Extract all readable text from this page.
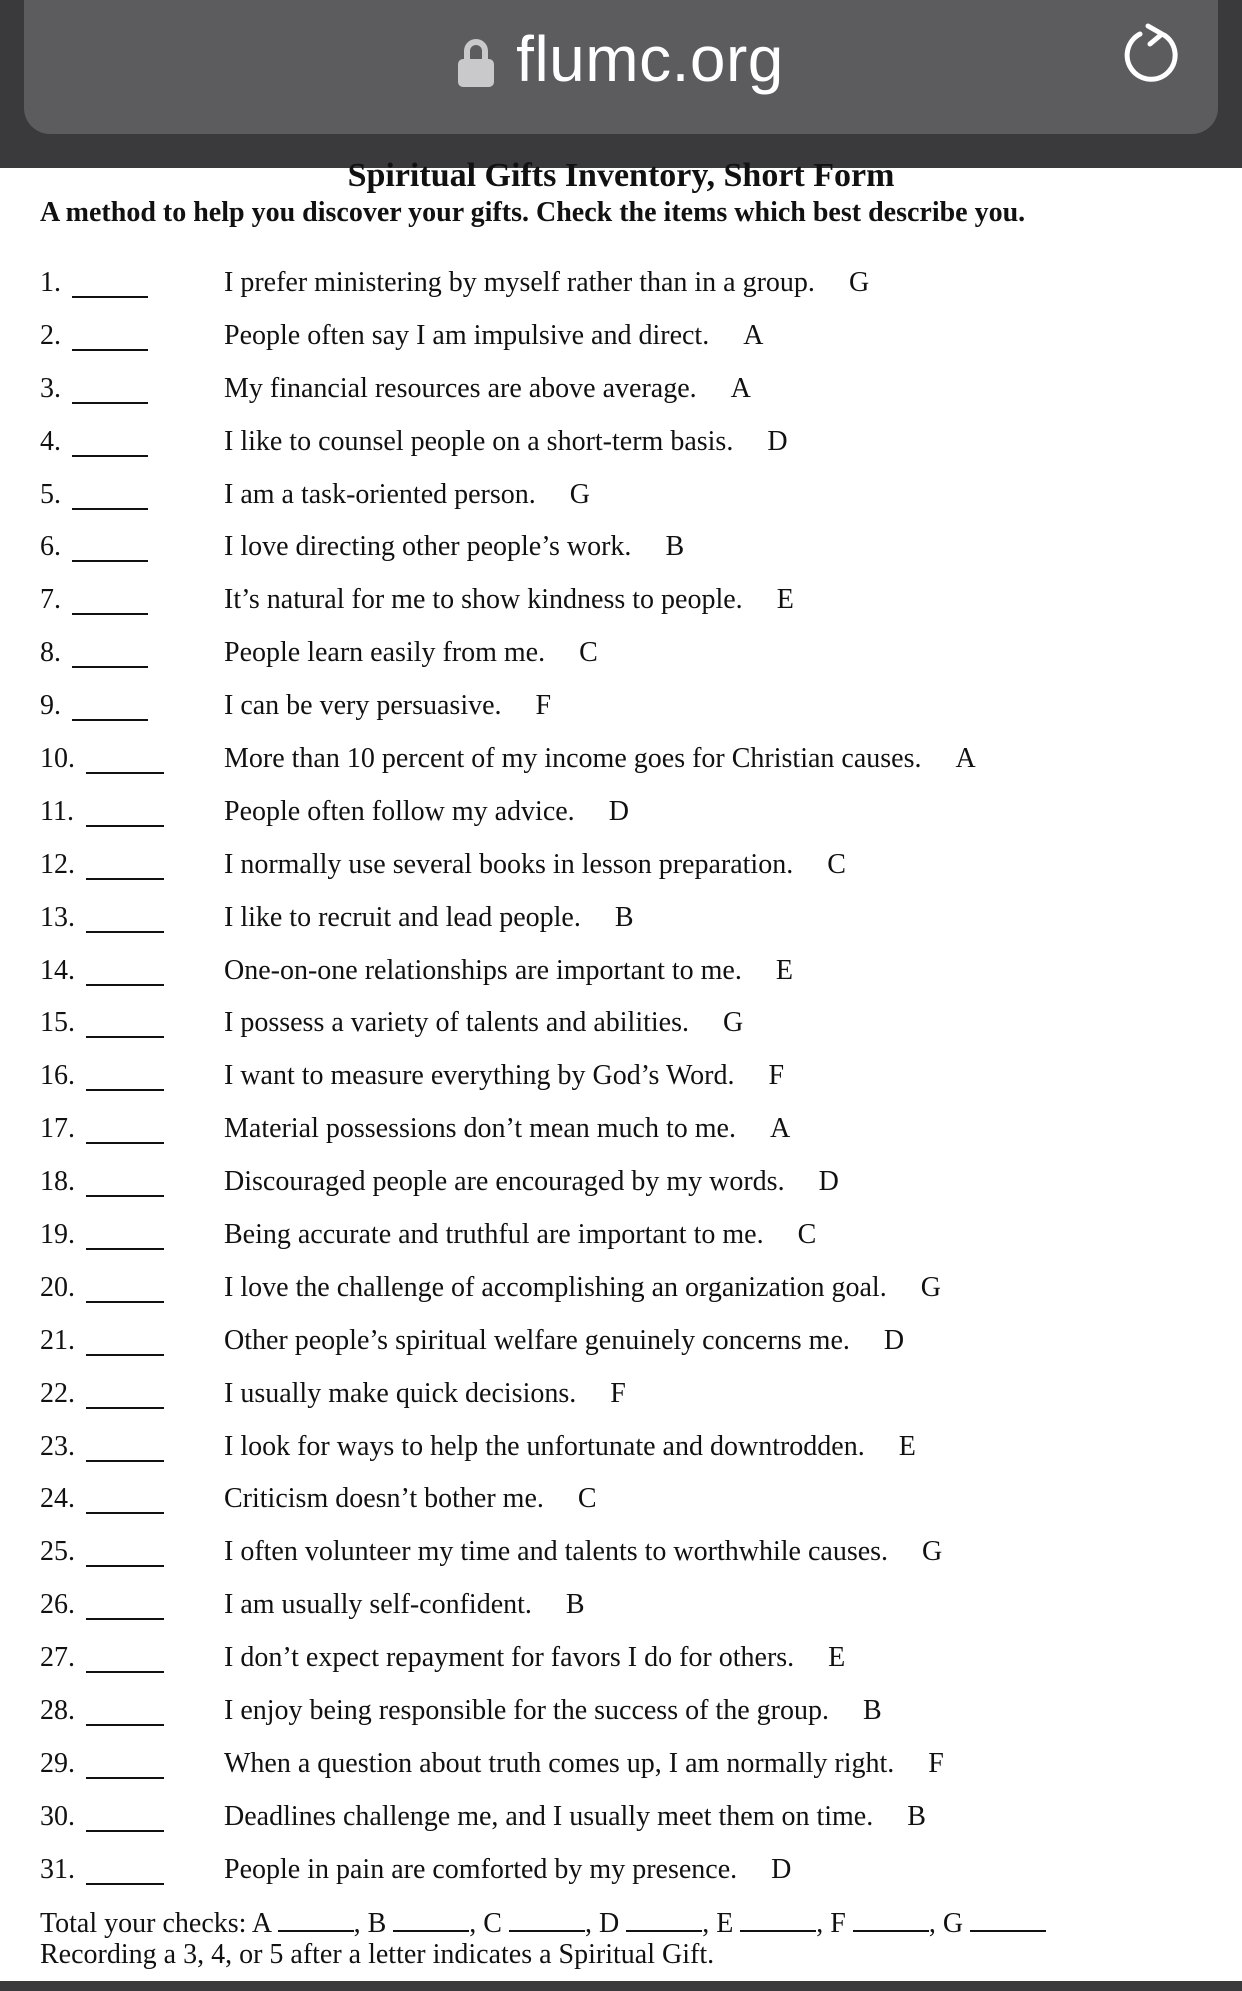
flumc.org
Spiritual Gifts Inventory, Short Form
A method to help you discover your gifts. Check the items which best describe you.
1.	I prefer ministering by myself rather than in a group. G
2.	People often say I am impulsive and direct. A
3.	My financial resources are above average. A
4.	I like to counsel people on a short-term basis. D
5.	I am a task-oriented person. G
6.	I love directing other people’s work. B
7.	It’s natural for me to show kindness to people. E
8.	People learn easily from me. C
9.	I can be very persuasive. F
10.	More than 10 percent of my income goes for Christian causes. A
11.	People often follow my advice. D
12.	I normally use several books in lesson preparation. C
13.	I like to recruit and lead people. B
14.	One-on-one relationships are important to me. E
15.	I possess a variety of talents and abilities. G
16.	I want to measure everything by God’s Word. F
17.	Material possessions don’t mean much to me. A
18.	Discouraged people are encouraged by my words. D
19.	Being accurate and truthful are important to me. C
20.	I love the challenge of accomplishing an organization goal. G
21.	Other people’s spiritual welfare genuinely concerns me. D
22.	I usually make quick decisions. F
23.	I look for ways to help the unfortunate and downtrodden. E
24.	Criticism doesn’t bother me. C
25.	I often volunteer my time and talents to worthwhile causes. G
26.	I am usually self-confident. B
27.	I don’t expect repayment for favors I do for others. E
28.	I enjoy being responsible for the success of the group. B
29.	When a question about truth comes up, I am normally right. F
30.	Deadlines challenge me, and I usually meet them on time. B
31.	People in pain are comforted by my presence. D
Total your checks: A	, B	, C	, D	, E	, F	, G
Recording a 3, 4, or 5 after a letter indicates a Spiritual Gift.
